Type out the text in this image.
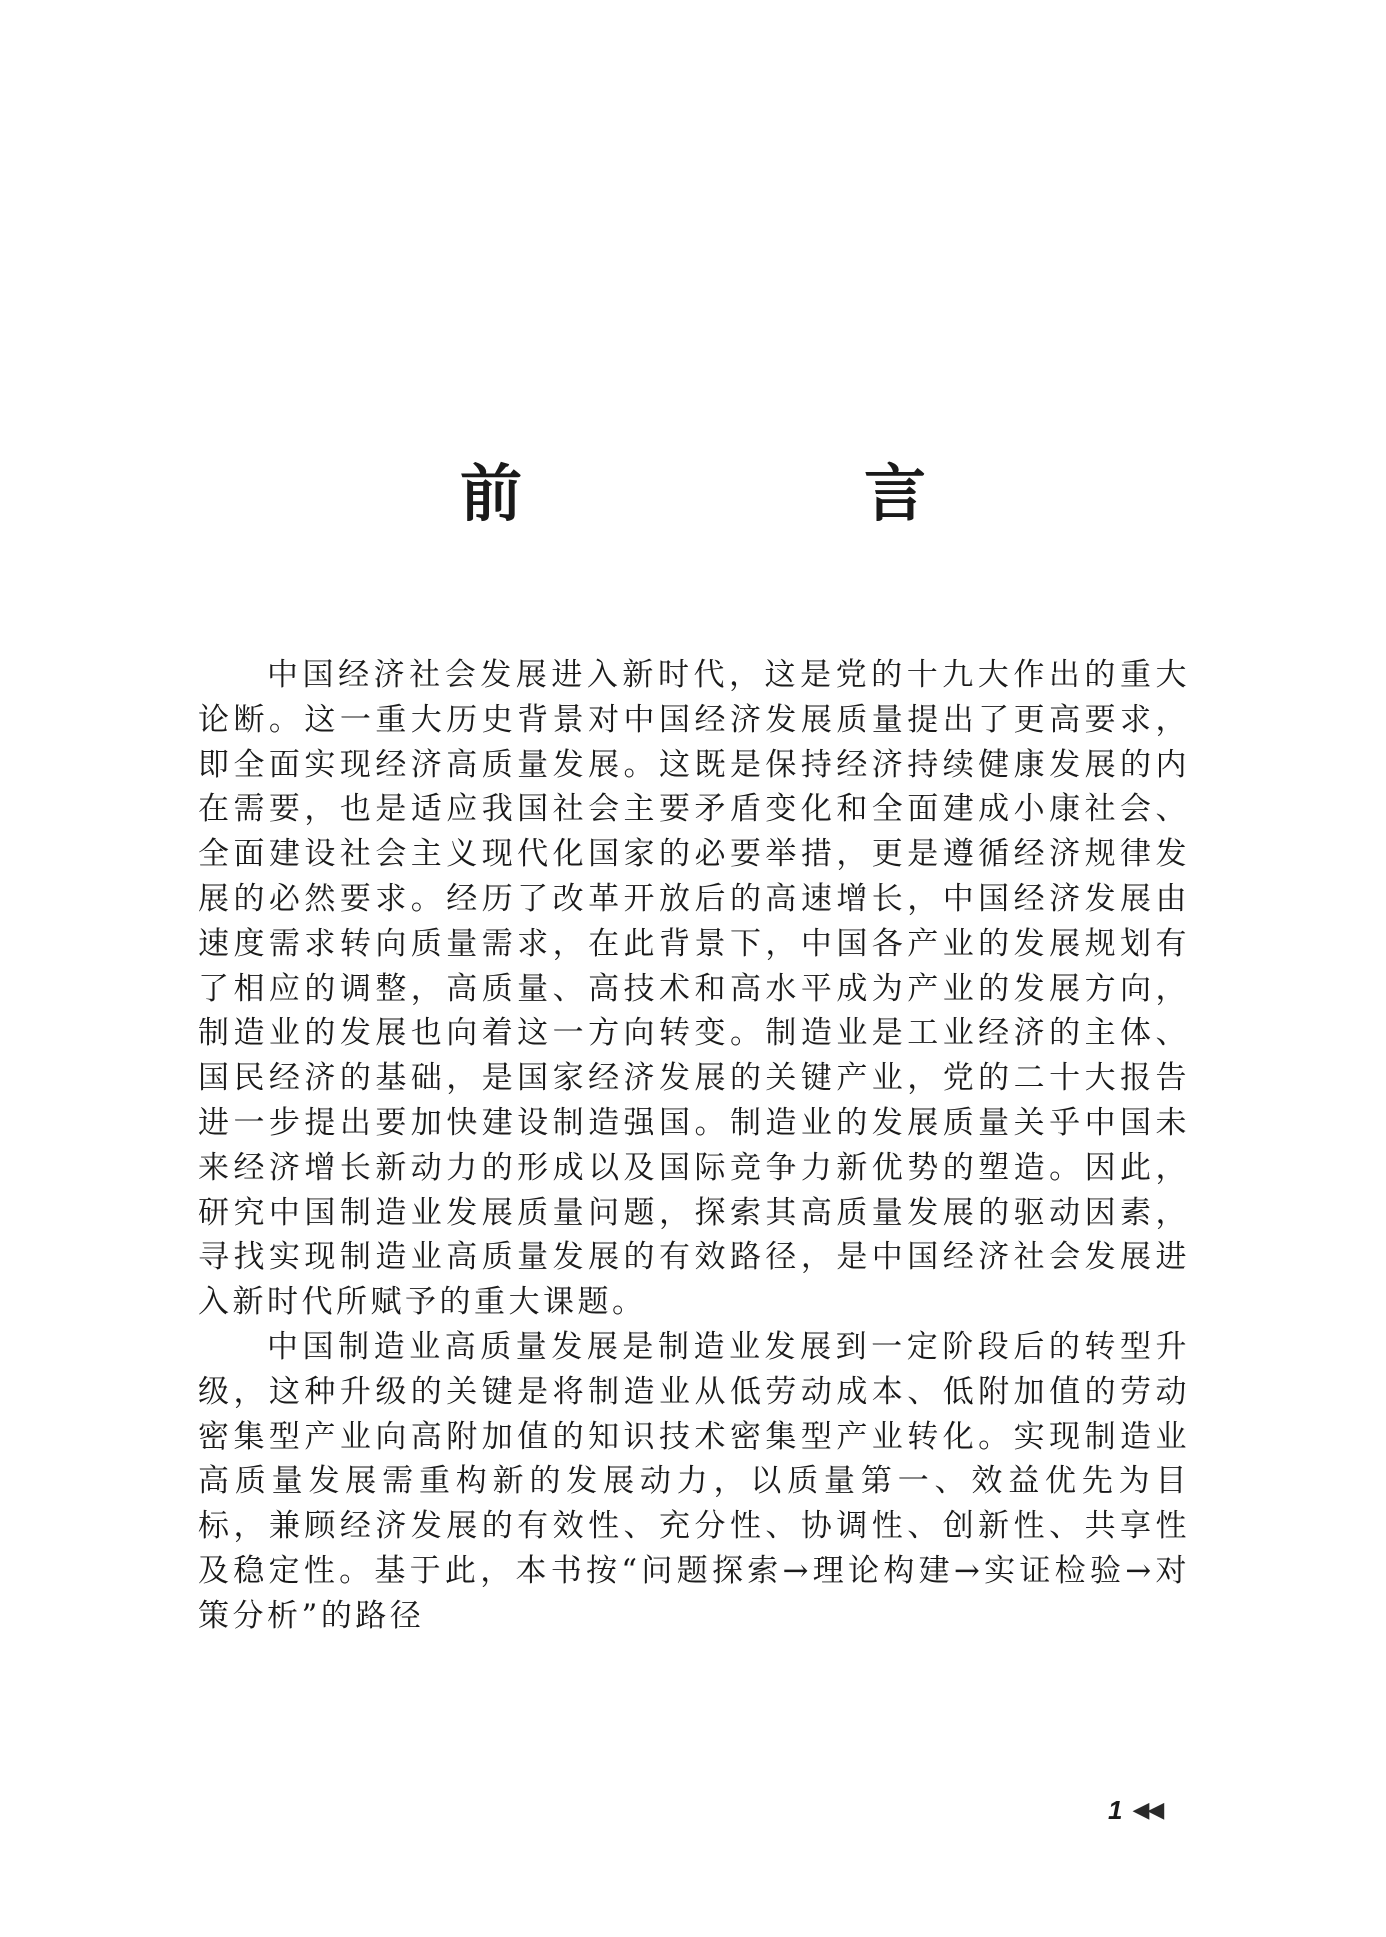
前　言

中国经济社会发展进入新时代，这是党的十九大作出的重大论断。这一重大历史背景对中国经济发展质量提出了更高要求，即全面实现经济高质量发展。这既是保持经济持续健康发展的内在需要，也是适应我国社会主要矛盾变化和全面建成小康社会、全面建设社会主义现代化国家的必要举措，更是遵循经济规律发展的必然要求。经历了改革开放后的高速增长，中国经济发展由速度需求转向质量需求，在此背景下，中国各产业的发展规划有了相应的调整，高质量、高技术和高水平成为产业的发展方向，制造业的发展也向着这一方向转变。制造业是工业经济的主体、国民经济的基础，是国家经济发展的关键产业，党的二十大报告进一步提出要加快建设制造强国。制造业的发展质量关乎中国未来经济增长新动力的形成以及国际竞争力新优势的塑造。因此，研究中国制造业发展质量问题，探索其高质量发展的驱动因素，寻找实现制造业高质量发展的有效路径，是中国经济社会发展进入新时代所赋予的重大课题。

中国制造业高质量发展是制造业发展到一定阶段后的转型升级，这种升级的关键是将制造业从低劳动成本、低附加值的劳动密集型产业向高附加值的知识技术密集型产业转化。实现制造业高质量发展需重构新的发展动力，以质量第一、效益优先为目标，兼顾经济发展的有效性、充分性、协调性、创新性、共享性及稳定性。基于此，本书按“问题探索→理论构建→实证检验→对策分析”的路径

1 ◀◀
